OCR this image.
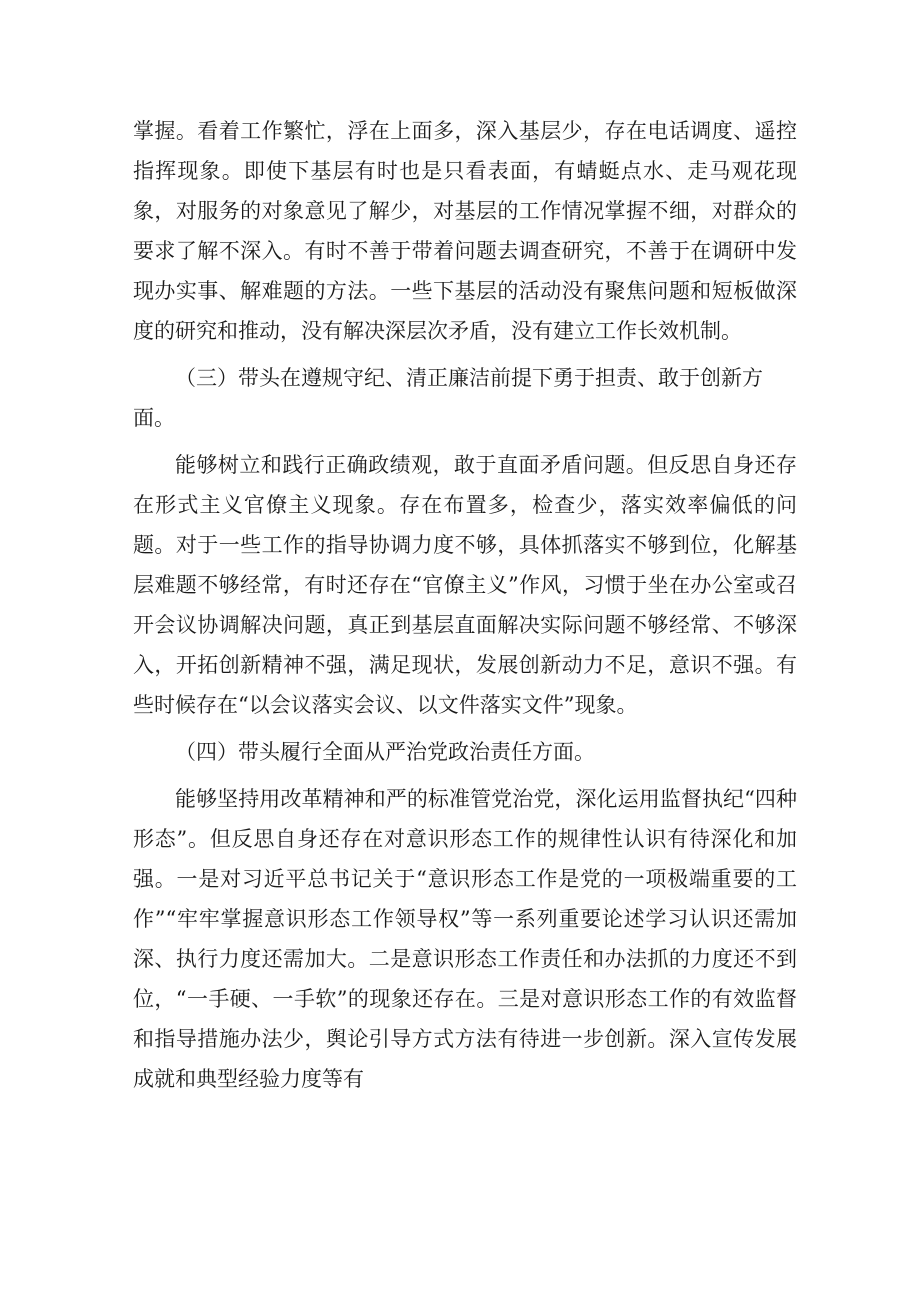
掌握。看着工作繁忙，浮在上面多，深入基层少，存在电话调度、遥控指挥现象。即使下基层有时也是只看表面，有蜻蜓点水、走马观花现象，对服务的对象意见了解少，对基层的工作情况掌握不细，对群众的要求了解不深入。有时不善于带着问题去调查研究，不善于在调研中发现办实事、解难题的方法。一些下基层的活动没有聚焦问题和短板做深度的研究和推动，没有解决深层次矛盾，没有建立工作长效机制。

（三）带头在遵规守纪、清正廉洁前提下勇于担责、敢于创新方面。

能够树立和践行正确政绩观，敢于直面矛盾问题。但反思自身还存在形式主义官僚主义现象。存在布置多，检查少，落实效率偏低的问题。对于一些工作的指导协调力度不够，具体抓落实不够到位，化解基层难题不够经常，有时还存在“官僚主义”作风，习惯于坐在办公室或召开会议协调解决问题，真正到基层直面解决实际问题不够经常、不够深入，开拓创新精神不强，满足现状，发展创新动力不足，意识不强。有些时候存在“以会议落实会议、以文件落实文件”现象。

（四）带头履行全面从严治党政治责任方面。

能够坚持用改革精神和严的标准管党治党，深化运用监督执纪“四种形态”。但反思自身还存在对意识形态工作的规律性认识有待深化和加强。一是对习近平总书记关于“意识形态工作是党的一项极端重要的工作”“牢牢掌握意识形态工作领导权”等一系列重要论述学习认识还需加深、执行力度还需加大。二是意识形态工作责任和办法抓的力度还不到位，“一手硬、一手软”的现象还存在。三是对意识形态工作的有效监督和指导措施办法少，舆论引导方式方法有待进一步创新。深入宣传发展成就和典型经验力度等有
